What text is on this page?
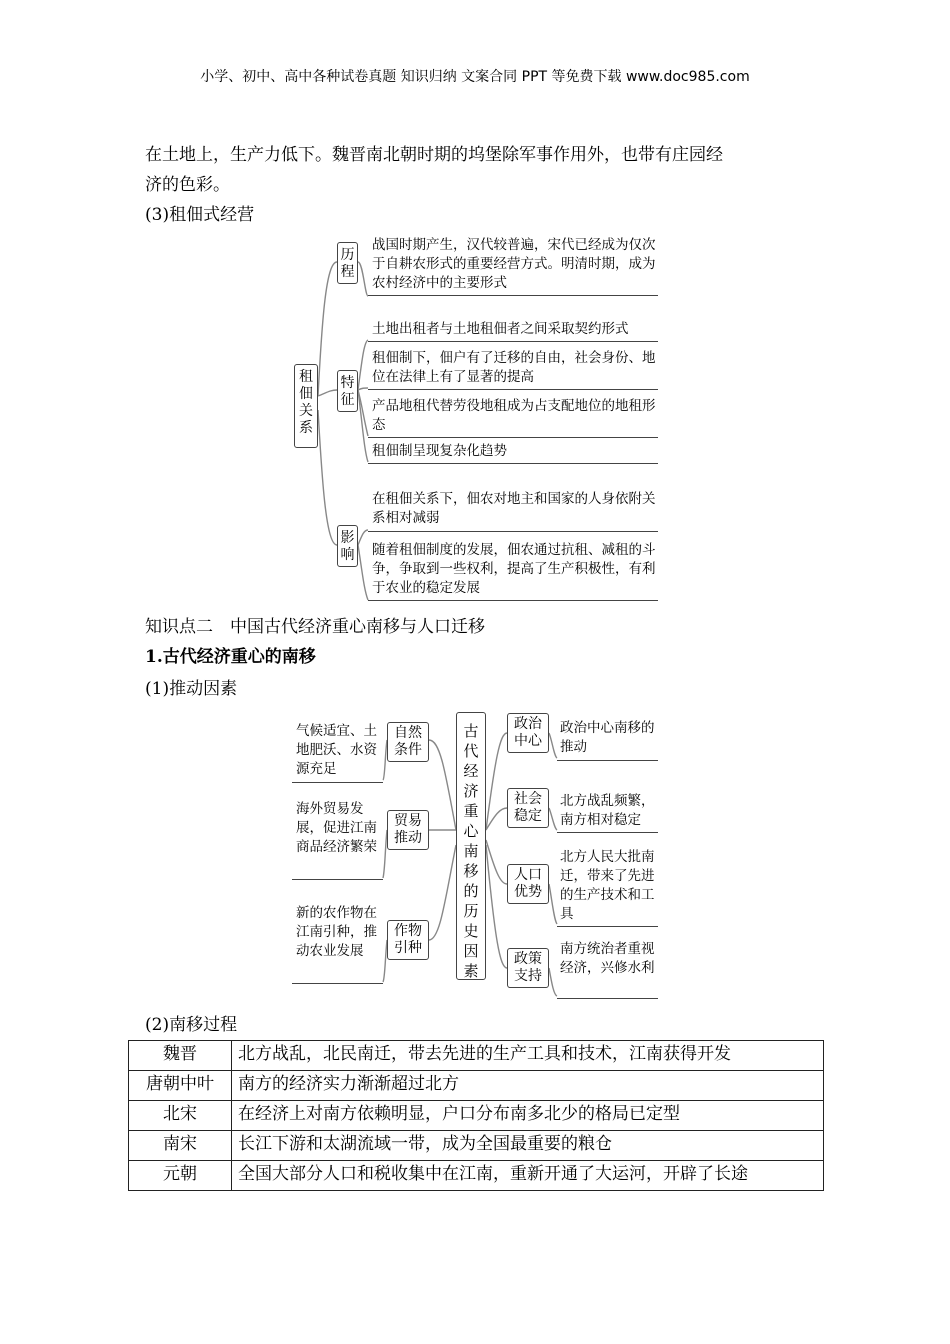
小学、初中、高中各种试卷真题 知识归纳 文案合同 PPT 等免费下载 www.doc985.com
在土地上，生产力低下。魏晋南北朝时期的坞堡除军事作用外，也带有庄园经
济的色彩。
(3)租佃式经营
租佃关系
历程
特征
影响
战国时期产生，汉代较普遍，宋代已经成为仅次于自耕农形式的重要经营方式。明清时期，成为农村经济中的主要形式
土地出租者与土地租佃者之间采取契约形式
租佃制下，佃户有了迁移的自由，社会身份、地位在法律上有了显著的提高
产品地租代替劳役地租成为占支配地位的地租形态
租佃制呈现复杂化趋势
在租佃关系下，佃农对地主和国家的人身依附关系相对减弱
随着租佃制度的发展，佃农通过抗租、减租的斗争，争取到一些权利，提高了生产积极性，有利于农业的稳定发展
知识点二　中国古代经济重心南移与人口迁移
1.古代经济重心的南移
(1)推动因素
古代经济重心南移的历史因素
自然条件
贸易推动
作物引种
气候适宜、土地肥沃、水资源充足
海外贸易发展，促进江南商品经济繁荣
新的农作物在江南引种，推动农业发展
政治中心
社会稳定
人口优势
政策支持
政治中心南移的推动
北方战乱频繁，南方相对稳定
北方人民大批南迁，带来了先进的生产技术和工具
南方统治者重视经济，兴修水利
(2)南移过程
魏晋	北方战乱，北民南迁，带去先进的生产工具和技术，江南获得开发
唐朝中叶	南方的经济实力渐渐超过北方
北宋	在经济上对南方依赖明显，户口分布南多北少的格局已定型
南宋	长江下游和太湖流域一带，成为全国最重要的粮仓
元朝	全国大部分人口和税收集中在江南，重新开通了大运河，开辟了长途
